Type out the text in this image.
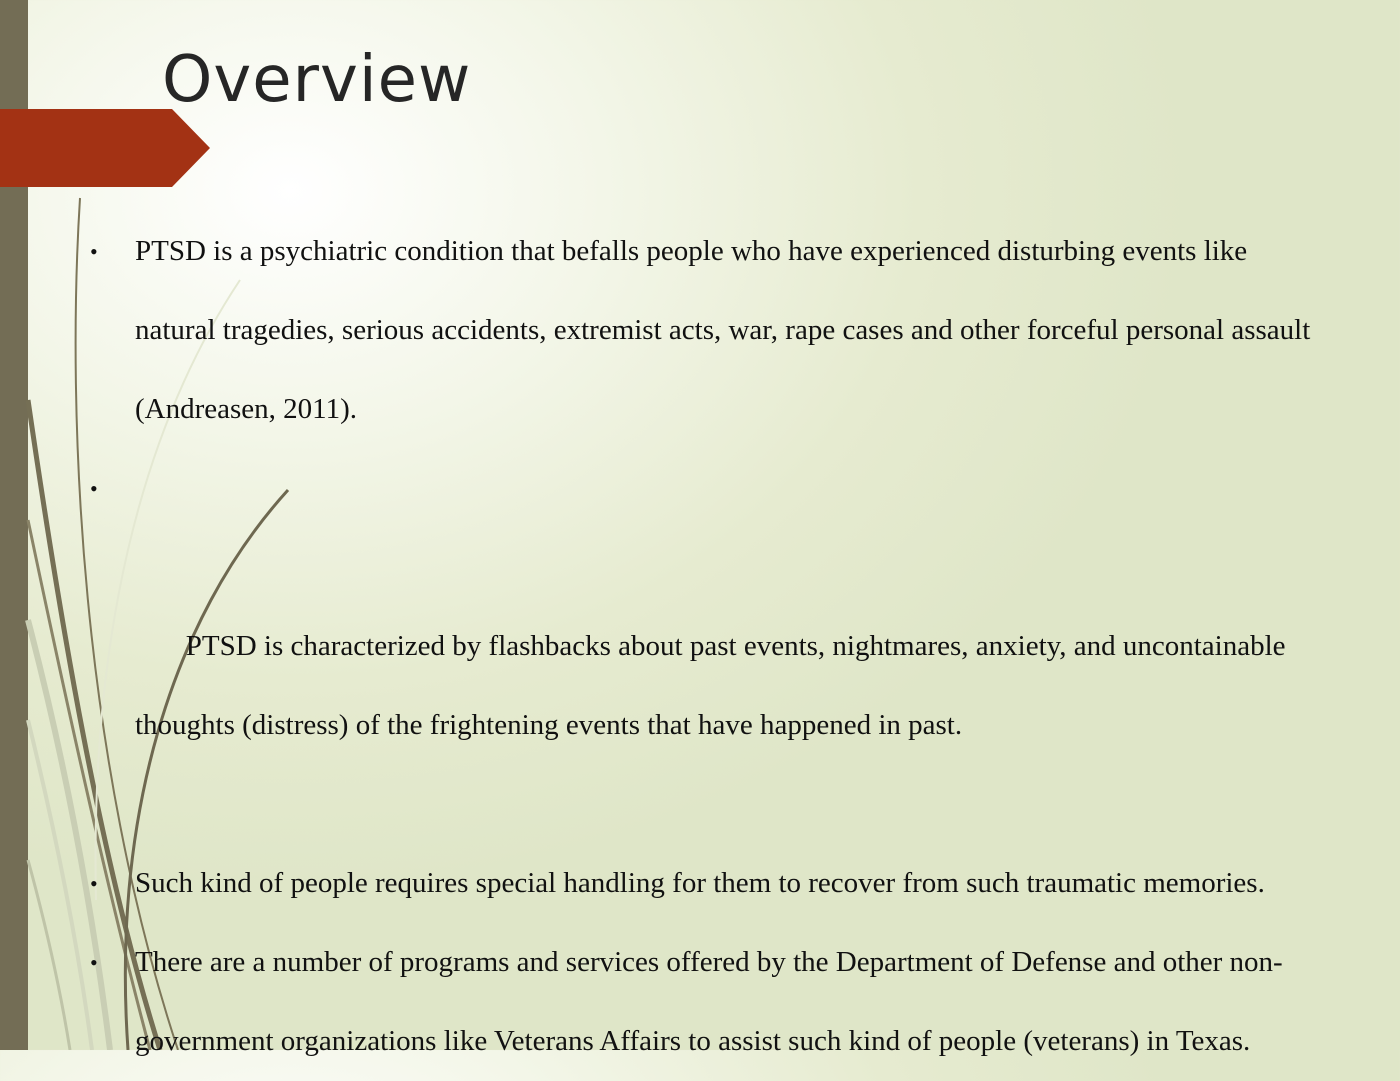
Overview
• PTSD is a psychiatric condition that befalls people who have experienced disturbing events like natural tragedies, serious accidents, extremist acts, war, rape cases and other forceful personal assault (Andreasen, 2011).

•

PTSD is characterized by flashbacks about past events, nightmares, anxiety, and uncontainable thoughts (distress) of the frightening events that have happened in past.

• Such kind of people requires special handling for them to recover from such traumatic memories.
• There are a number of programs and services offered by the Department of Defense and other non-government organizations like Veterans Affairs to assist such kind of people (veterans) in Texas.
